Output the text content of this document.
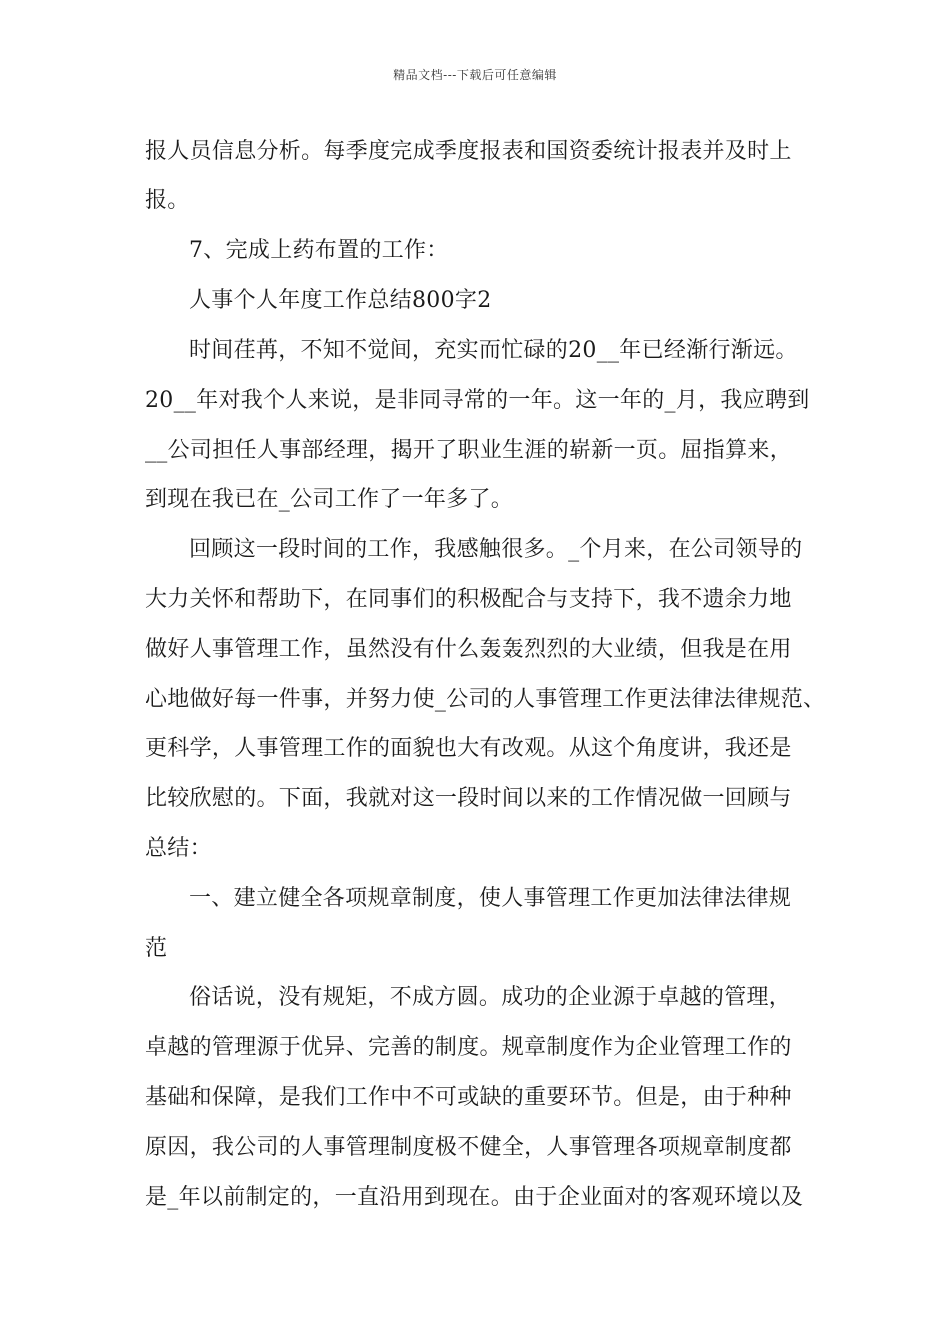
精品文档---下载后可任意编辑
报人员信息分析。每季度完成季度报表和国资委统计报表并及时上
报。
7、完成上药布置的工作：
人事个人年度工作总结800字2
时间荏苒，不知不觉间，充实而忙碌的20__年已经渐行渐远。
20__年对我个人来说，是非同寻常的一年。这一年的_月，我应聘到
__公司担任人事部经理，揭开了职业生涯的崭新一页。屈指算来，
到现在我已在_公司工作了一年多了。
回顾这一段时间的工作，我感触很多。_个月来，在公司领导的
大力关怀和帮助下，在同事们的积极配合与支持下，我不遗余力地
做好人事管理工作，虽然没有什么轰轰烈烈的大业绩，但我是在用
心地做好每一件事，并努力使_公司的人事管理工作更法律法律规范、
更科学，人事管理工作的面貌也大有改观。从这个角度讲，我还是
比较欣慰的。下面，我就对这一段时间以来的工作情况做一回顾与
总结：
一、建立健全各项规章制度，使人事管理工作更加法律法律规
范
俗话说，没有规矩，不成方圆。成功的企业源于卓越的管理，
卓越的管理源于优异、完善的制度。规章制度作为企业管理工作的
基础和保障，是我们工作中不可或缺的重要环节。但是，由于种种
原因，我公司的人事管理制度极不健全，人事管理各项规章制度都
是_年以前制定的，一直沿用到现在。由于企业面对的客观环境以及
